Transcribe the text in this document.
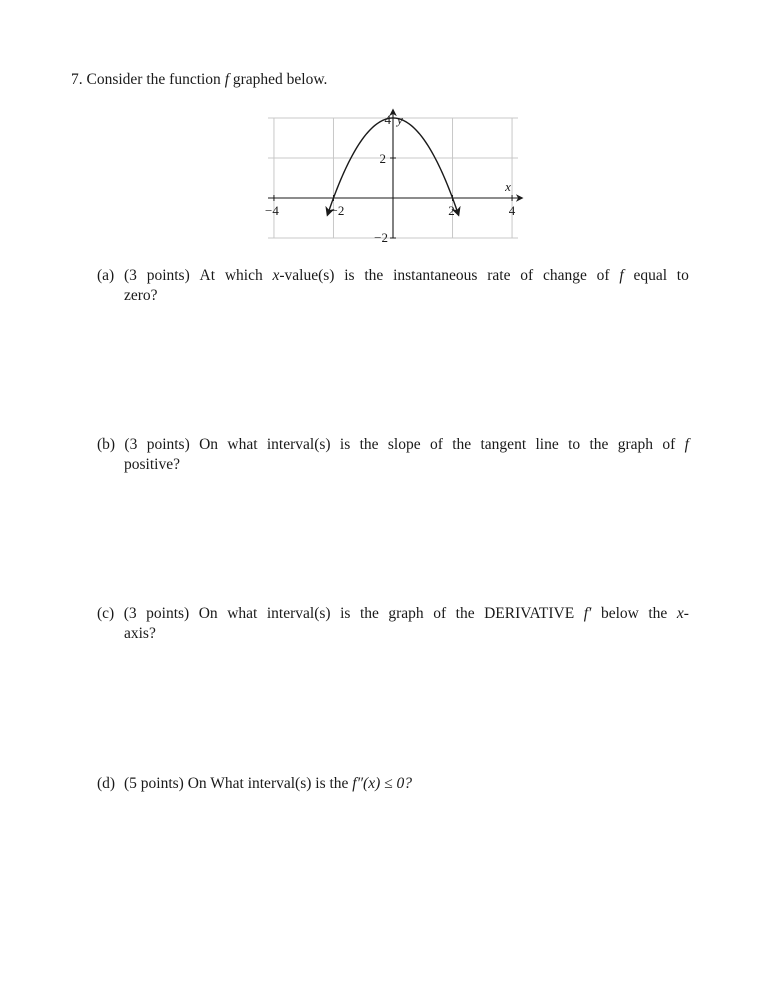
7. Consider the function f graphed below.
x
y
−4	−2	2	4
4
2
−2
(a) (3 points) At which x-value(s) is the instantaneous rate of change of f equal to
zero?
(b) (3 points) On what interval(s) is the slope of the tangent line to the graph of f
positive?
(c) (3 points) On what interval(s) is the graph of the DERIVATIVE f′ below the x-
axis?
(d) (5 points) On What interval(s) is the f″(x) ≤ 0?
